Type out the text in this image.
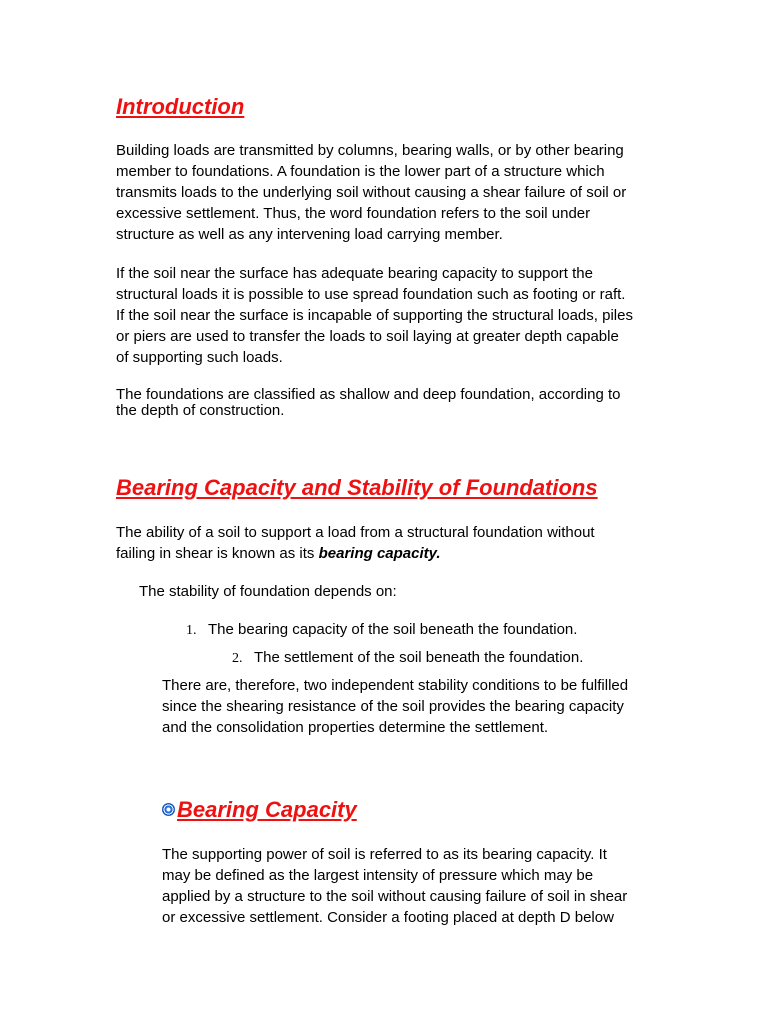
Introduction
Building loads are transmitted by columns, bearing walls, or by other bearing
member to foundations. A foundation is the lower part of a structure which
transmits loads to the underlying soil without causing a shear failure of soil or
excessive settlement. Thus, the word foundation refers to the soil under
structure as well as any intervening load carrying member.
If the soil near the surface has adequate bearing capacity to support the
structural loads it is possible to use spread foundation such as footing or raft.
If the soil near the surface is incapable of supporting the structural loads, piles
or piers are used to transfer the loads to soil laying at greater depth capable
of supporting such loads.
The foundations are classified as shallow and deep foundation, according to
the depth of construction.
Bearing Capacity and Stability of Foundations
The ability of a soil to support a load from a structural foundation without
failing in shear is known as its bearing capacity.
The stability of foundation depends on:
1. The bearing capacity of the soil beneath the foundation.
2. The settlement of the soil beneath the foundation.
There are, therefore, two independent stability conditions to be fulfilled
since the shearing resistance of the soil provides the bearing capacity
and the consolidation properties determine the settlement.
Bearing Capacity
The supporting power of soil is referred to as its bearing capacity. It
may be defined as the largest intensity of pressure which may be
applied by a structure to the soil without causing failure of soil in shear
or excessive settlement. Consider a footing placed at depth D below
